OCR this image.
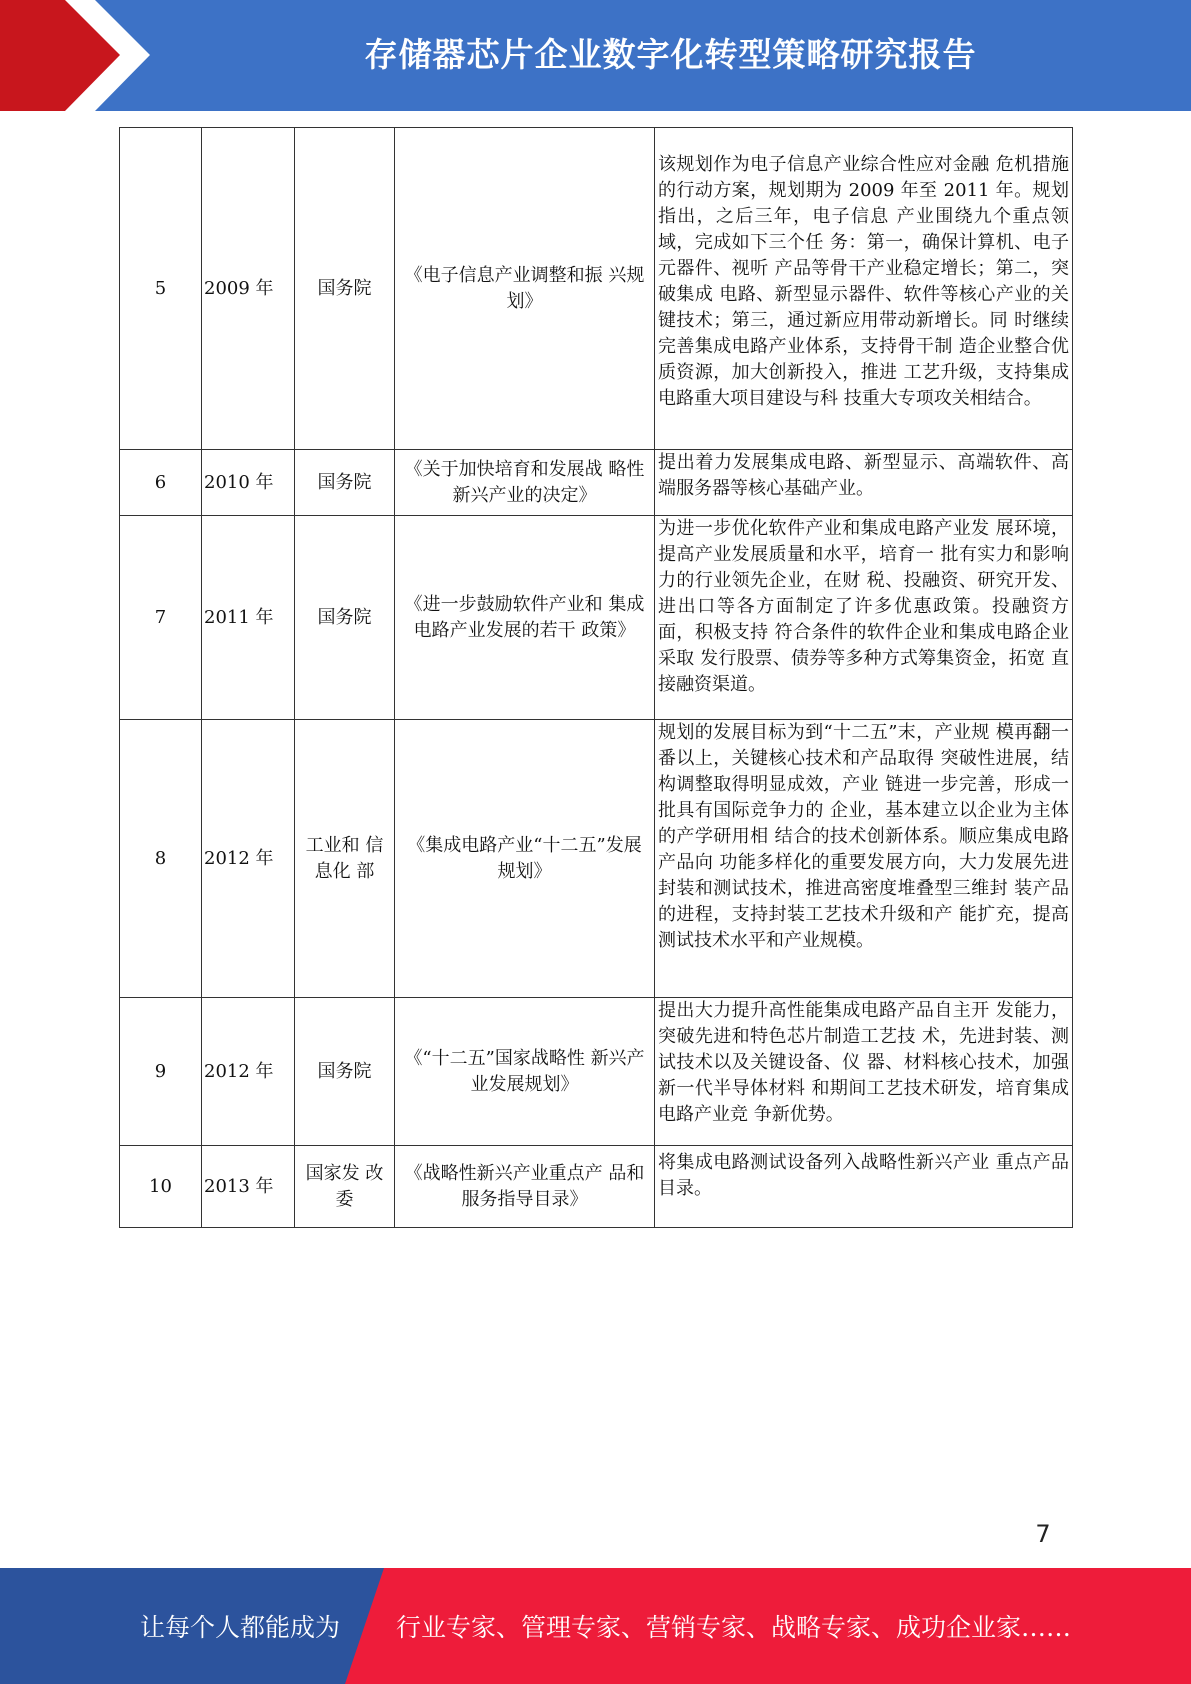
存储器芯片企业数字化转型策略研究报告
5	2009 年	国务院	《电子信息产业调整和振 兴规划》	该规划作为电子信息产业综合性应对金融 危机措施的行动方案，规划期为 2009 年至 2011 年。规划指出，之后三年，电子信息 产业围绕九个重点领域，完成如下三个任 务：第一，确保计算机、电子元器件、视听 产品等骨干产业稳定增长；第二，突破集成 电路、新型显示器件、软件等核心产业的关 键技术；第三，通过新应用带动新增长。同 时继续完善集成电路产业体系，支持骨干制 造企业整合优质资源，加大创新投入，推进 工艺升级，支持集成电路重大项目建设与科 技重大专项攻关相结合。
6	2010 年	国务院	《关于加快培育和发展战 略性新兴产业的决定》	提出着力发展集成电路、新型显示、高端软件、高端服务器等核心基础产业。
7	2011 年	国务院	《进一步鼓励软件产业和 集成电路产业发展的若干 政策》	为进一步优化软件产业和集成电路产业发 展环境，提高产业发展质量和水平，培育一 批有实力和影响力的行业领先企业，在财 税、投融资、研究开发、进出口等各方面制定了许多优惠政策。投融资方面，积极支持 符合条件的软件企业和集成电路企业采取 发行股票、债券等多种方式筹集资金，拓宽 直接融资渠道。
8	2012 年	工业和 信息化 部	《集成电路产业“十二五”发展规划》	规划的发展目标为到“十二五”末，产业规 模再翻一番以上，关键核心技术和产品取得 突破性进展，结构调整取得明显成效，产业 链进一步完善，形成一批具有国际竞争力的 企业，基本建立以企业为主体的产学研用相 结合的技术创新体系。顺应集成电路产品向 功能多样化的重要发展方向，大力发展先进 封装和测试技术，推进高密度堆叠型三维封 装产品的进程，支持封装工艺技术升级和产 能扩充，提高测试技术水平和产业规模。
9	2012 年	国务院	《“十二五”国家战略性 新兴产业发展规划》	提出大力提升高性能集成电路产品自主开 发能力，突破先进和特色芯片制造工艺技 术，先进封装、测试技术以及关键设备、仪 器、材料核心技术，加强新一代半导体材料 和期间工艺技术研发，培育集成电路产业竞 争新优势。
10	2013 年	国家发 改委	《战略性新兴产业重点产 品和服务指导目录》	将集成电路测试设备列入战略性新兴产业 重点产品目录。
7
让每个人都能成为 行业专家、管理专家、营销专家、战略专家、成功企业家……
